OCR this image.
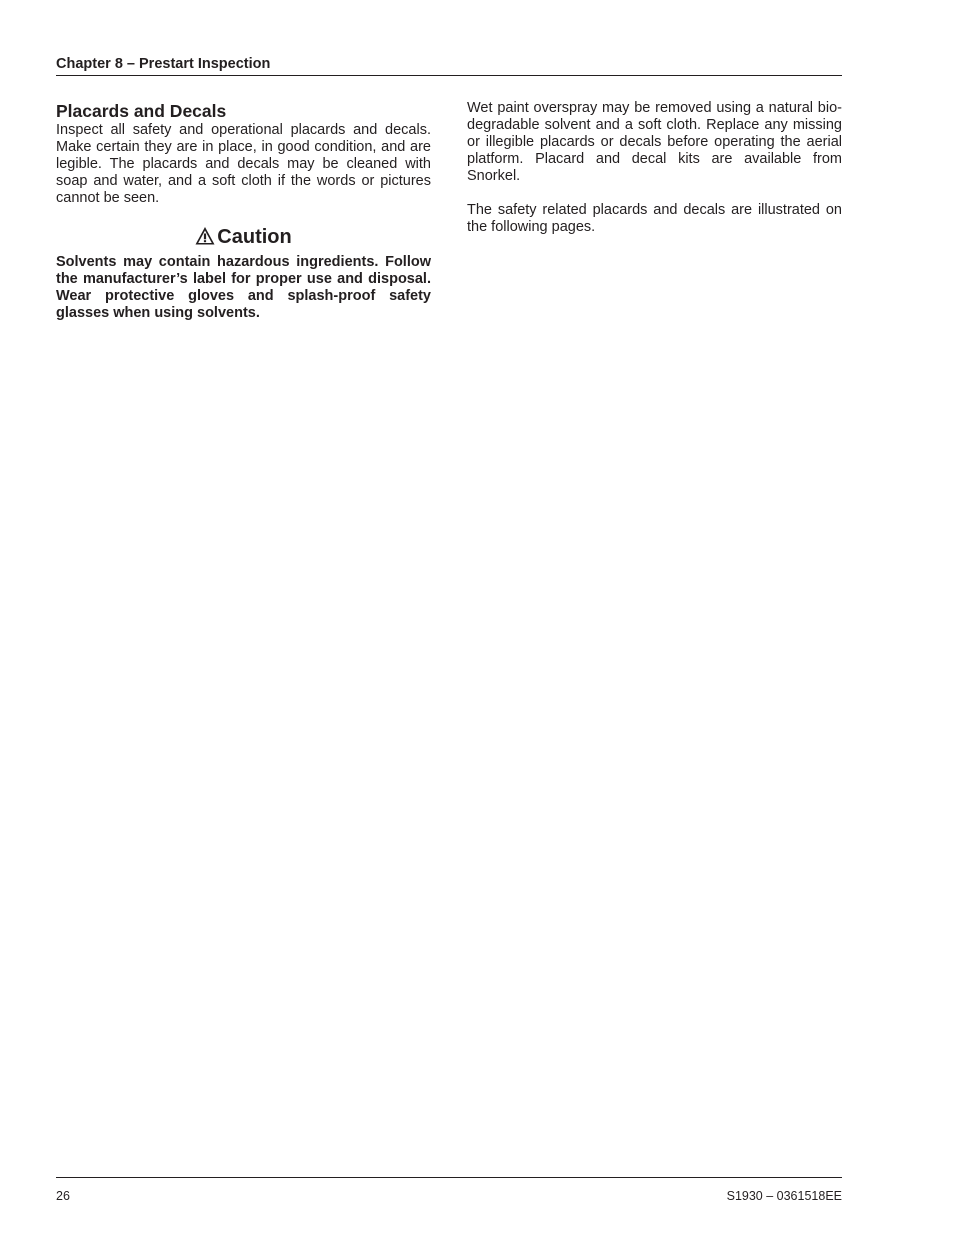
Chapter 8 – Prestart Inspection
Placards and Decals

Inspect all safety and operational placards and decals. Make certain they are in place, in good condition, and are legible. The placards and decals may be cleaned with soap and water, and a soft cloth if the words or pictures cannot be seen.

Caution

Solvents may contain hazardous ingredients. Follow the manufacturer’s label for proper use and disposal. Wear protective gloves and splash-proof safety glasses when using solvents.

Wet paint overspray may be removed using a natural biodegradable solvent and a soft cloth. Replace any missing or illegible placards or decals before operating the aerial platform. Placard and decal kits are available from Snorkel.

The safety related placards and decals are illustrated on the following pages.

26	S1930 – 0361518EE
